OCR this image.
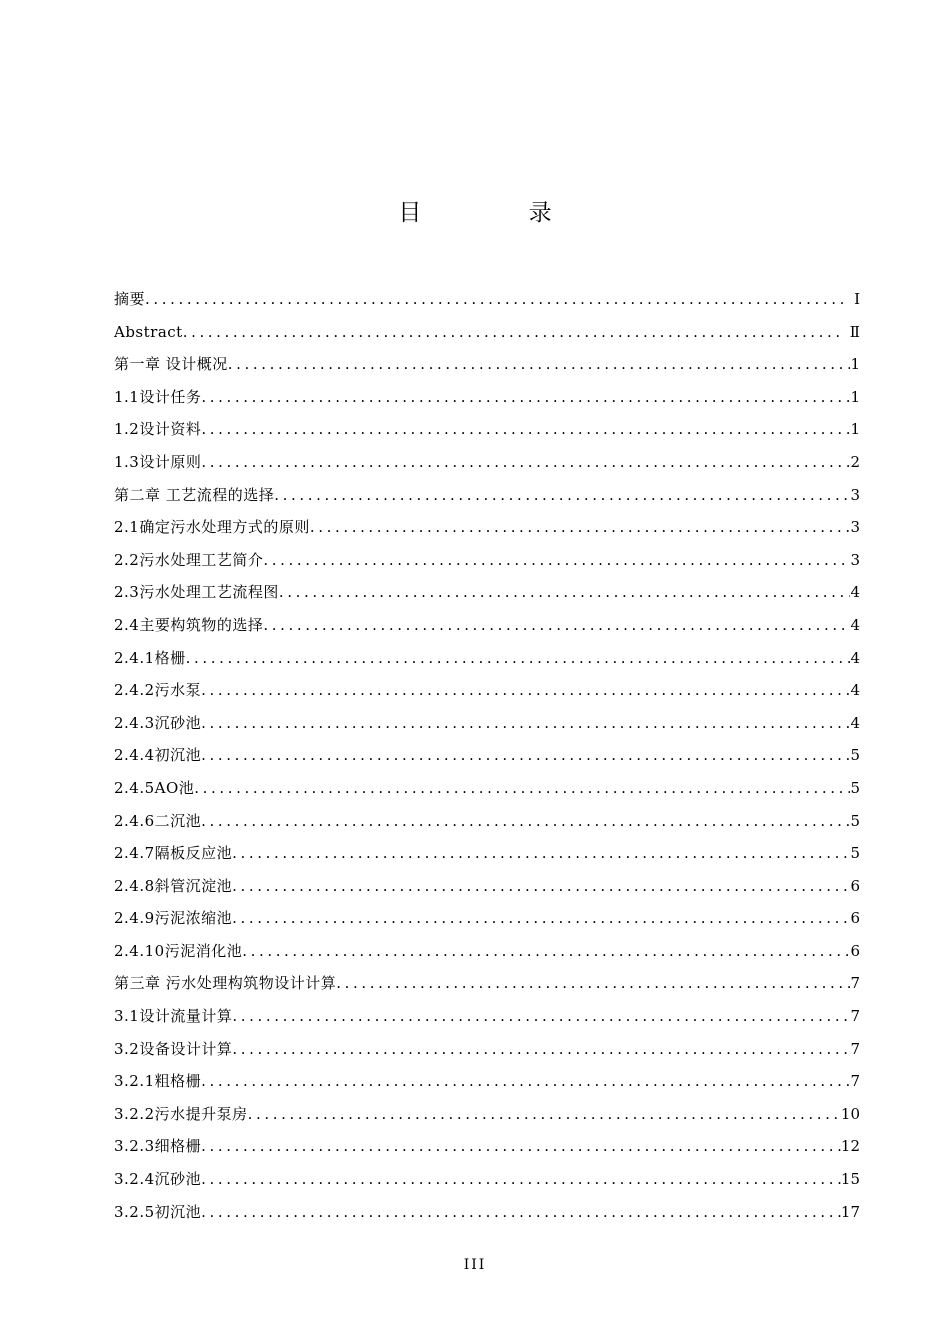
目 录
摘要 .....	Ⅰ
Abstract .....	Ⅱ
第一章 设计概况 .....	1
1.1设计任务 .....	1
1.2设计资料 .....	1
1.3设计原则 .....	2
第二章 工艺流程的选择 .....	3
2.1确定污水处理方式的原则 .....	3
2.2污水处理工艺简介 .....	3
2.3污水处理工艺流程图 .....	4
2.4主要构筑物的选择 .....	4
2.4.1格栅 .....	4
2.4.2污水泵 .....	4
2.4.3沉砂池 .....	4
2.4.4初沉池 .....	5
2.4.5AO池 .....	5
2.4.6二沉池 .....	5
2.4.7隔板反应池 .....	5
2.4.8斜管沉淀池 .....	6
2.4.9污泥浓缩池 .....	6
2.4.10污泥消化池 .....	6
第三章 污水处理构筑物设计计算 .....	7
3.1设计流量计算 .....	7
3.2设备设计计算 .....	7
3.2.1粗格栅 .....	7
3.2.2污水提升泵房 .....	10
3.2.3细格栅 .....	12
3.2.4沉砂池 .....	15
3.2.5初沉池 .....	17
III
